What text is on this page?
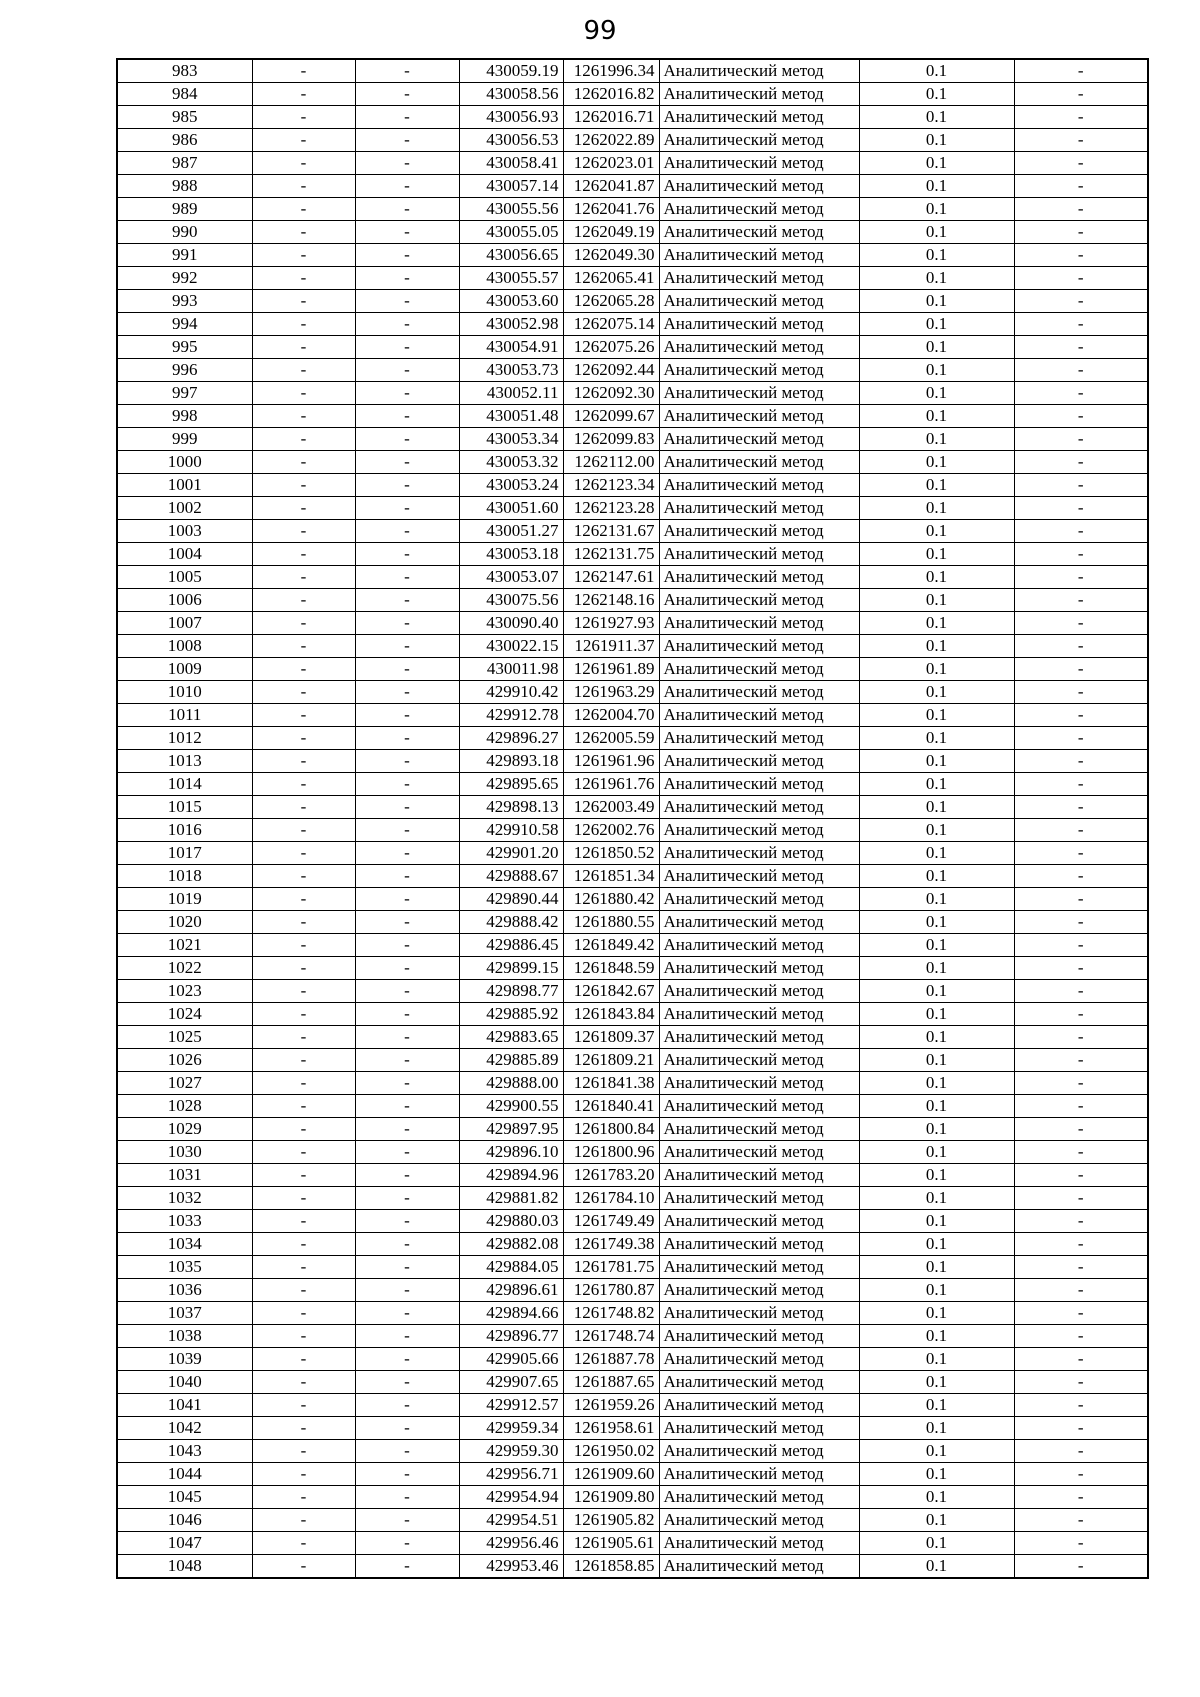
99
983	-	-	430059.19	1261996.34	Аналитический метод	0.1	-
984	-	-	430058.56	1262016.82	Аналитический метод	0.1	-
985	-	-	430056.93	1262016.71	Аналитический метод	0.1	-
986	-	-	430056.53	1262022.89	Аналитический метод	0.1	-
987	-	-	430058.41	1262023.01	Аналитический метод	0.1	-
988	-	-	430057.14	1262041.87	Аналитический метод	0.1	-
989	-	-	430055.56	1262041.76	Аналитический метод	0.1	-
990	-	-	430055.05	1262049.19	Аналитический метод	0.1	-
991	-	-	430056.65	1262049.30	Аналитический метод	0.1	-
992	-	-	430055.57	1262065.41	Аналитический метод	0.1	-
993	-	-	430053.60	1262065.28	Аналитический метод	0.1	-
994	-	-	430052.98	1262075.14	Аналитический метод	0.1	-
995	-	-	430054.91	1262075.26	Аналитический метод	0.1	-
996	-	-	430053.73	1262092.44	Аналитический метод	0.1	-
997	-	-	430052.11	1262092.30	Аналитический метод	0.1	-
998	-	-	430051.48	1262099.67	Аналитический метод	0.1	-
999	-	-	430053.34	1262099.83	Аналитический метод	0.1	-
1000	-	-	430053.32	1262112.00	Аналитический метод	0.1	-
1001	-	-	430053.24	1262123.34	Аналитический метод	0.1	-
1002	-	-	430051.60	1262123.28	Аналитический метод	0.1	-
1003	-	-	430051.27	1262131.67	Аналитический метод	0.1	-
1004	-	-	430053.18	1262131.75	Аналитический метод	0.1	-
1005	-	-	430053.07	1262147.61	Аналитический метод	0.1	-
1006	-	-	430075.56	1262148.16	Аналитический метод	0.1	-
1007	-	-	430090.40	1261927.93	Аналитический метод	0.1	-
1008	-	-	430022.15	1261911.37	Аналитический метод	0.1	-
1009	-	-	430011.98	1261961.89	Аналитический метод	0.1	-
1010	-	-	429910.42	1261963.29	Аналитический метод	0.1	-
1011	-	-	429912.78	1262004.70	Аналитический метод	0.1	-
1012	-	-	429896.27	1262005.59	Аналитический метод	0.1	-
1013	-	-	429893.18	1261961.96	Аналитический метод	0.1	-
1014	-	-	429895.65	1261961.76	Аналитический метод	0.1	-
1015	-	-	429898.13	1262003.49	Аналитический метод	0.1	-
1016	-	-	429910.58	1262002.76	Аналитический метод	0.1	-
1017	-	-	429901.20	1261850.52	Аналитический метод	0.1	-
1018	-	-	429888.67	1261851.34	Аналитический метод	0.1	-
1019	-	-	429890.44	1261880.42	Аналитический метод	0.1	-
1020	-	-	429888.42	1261880.55	Аналитический метод	0.1	-
1021	-	-	429886.45	1261849.42	Аналитический метод	0.1	-
1022	-	-	429899.15	1261848.59	Аналитический метод	0.1	-
1023	-	-	429898.77	1261842.67	Аналитический метод	0.1	-
1024	-	-	429885.92	1261843.84	Аналитический метод	0.1	-
1025	-	-	429883.65	1261809.37	Аналитический метод	0.1	-
1026	-	-	429885.89	1261809.21	Аналитический метод	0.1	-
1027	-	-	429888.00	1261841.38	Аналитический метод	0.1	-
1028	-	-	429900.55	1261840.41	Аналитический метод	0.1	-
1029	-	-	429897.95	1261800.84	Аналитический метод	0.1	-
1030	-	-	429896.10	1261800.96	Аналитический метод	0.1	-
1031	-	-	429894.96	1261783.20	Аналитический метод	0.1	-
1032	-	-	429881.82	1261784.10	Аналитический метод	0.1	-
1033	-	-	429880.03	1261749.49	Аналитический метод	0.1	-
1034	-	-	429882.08	1261749.38	Аналитический метод	0.1	-
1035	-	-	429884.05	1261781.75	Аналитический метод	0.1	-
1036	-	-	429896.61	1261780.87	Аналитический метод	0.1	-
1037	-	-	429894.66	1261748.82	Аналитический метод	0.1	-
1038	-	-	429896.77	1261748.74	Аналитический метод	0.1	-
1039	-	-	429905.66	1261887.78	Аналитический метод	0.1	-
1040	-	-	429907.65	1261887.65	Аналитический метод	0.1	-
1041	-	-	429912.57	1261959.26	Аналитический метод	0.1	-
1042	-	-	429959.34	1261958.61	Аналитический метод	0.1	-
1043	-	-	429959.30	1261950.02	Аналитический метод	0.1	-
1044	-	-	429956.71	1261909.60	Аналитический метод	0.1	-
1045	-	-	429954.94	1261909.80	Аналитический метод	0.1	-
1046	-	-	429954.51	1261905.82	Аналитический метод	0.1	-
1047	-	-	429956.46	1261905.61	Аналитический метод	0.1	-
1048	-	-	429953.46	1261858.85	Аналитический метод	0.1	-
